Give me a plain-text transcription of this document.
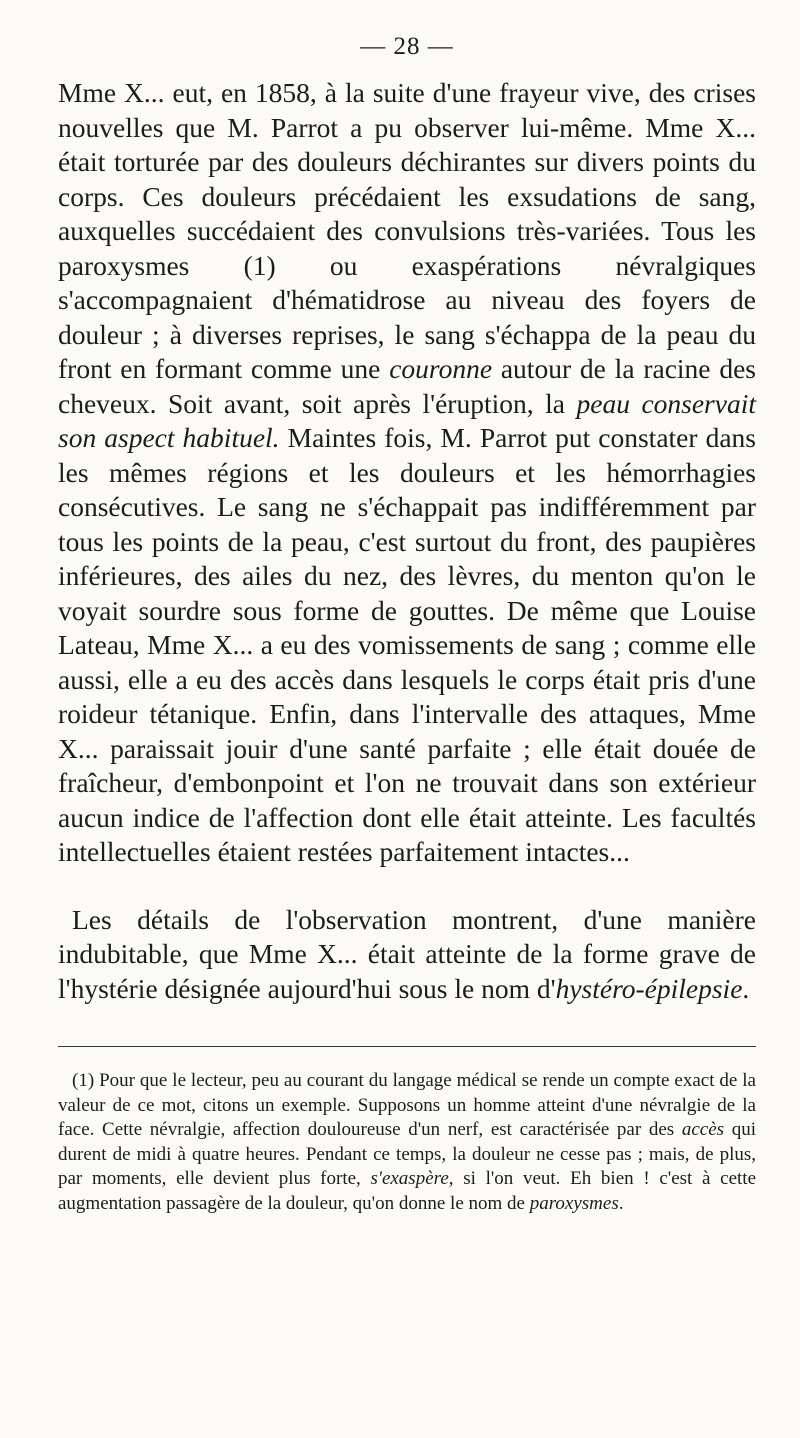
— 28 —

Mme X... eut, en 1858, à la suite d'une frayeur vive, des crises nouvelles que M. Parrot a pu observer lui-même. Mme X... était torturée par des douleurs déchirantes sur divers points du corps. Ces douleurs précédaient les exsudations de sang, auxquelles succédaient des convulsions très-variées. Tous les paroxysmes (1) ou exaspérations névralgiques s'accompagnaient d'hématidrose au niveau des foyers de douleur ; à diverses reprises, le sang s'échappa de la peau du front en formant comme une couronne autour de la racine des cheveux. Soit avant, soit après l'éruption, la peau conservait son aspect habituel. Maintes fois, M. Parrot put constater dans les mêmes régions et les douleurs et les hémorrhagies consécutives. Le sang ne s'échappait pas indifféremment par tous les points de la peau, c'est surtout du front, des paupières inférieures, des ailes du nez, des lèvres, du menton qu'on le voyait sourdre sous forme de gouttes. De même que Louise Lateau, Mme X... a eu des vomissements de sang ; comme elle aussi, elle a eu des accès dans lesquels le corps était pris d'une roideur tétanique. Enfin, dans l'intervalle des attaques, Mme X... paraissait jouir d'une santé parfaite ; elle était douée de fraîcheur, d'embonpoint et l'on ne trouvait dans son extérieur aucun indice de l'affection dont elle était atteinte. Les facultés intellectuelles étaient restées parfaitement intactes...

Les détails de l'observation montrent, d'une manière indubitable, que Mme X... était atteinte de la forme grave de l'hystérie désignée aujourd'hui sous le nom d'hystéro-épilepsie.

(1) Pour que le lecteur, peu au courant du langage médical se rende un compte exact de la valeur de ce mot, citons un exemple. Supposons un homme atteint d'une névralgie de la face. Cette névralgie, affection douloureuse d'un nerf, est caractérisée par des accès qui durent de midi à quatre heures. Pendant ce temps, la douleur ne cesse pas ; mais, de plus, par moments, elle devient plus forte, s'exaspère, si l'on veut. Eh bien ! c'est à cette augmentation passagère de la douleur, qu'on donne le nom de paroxysmes.
